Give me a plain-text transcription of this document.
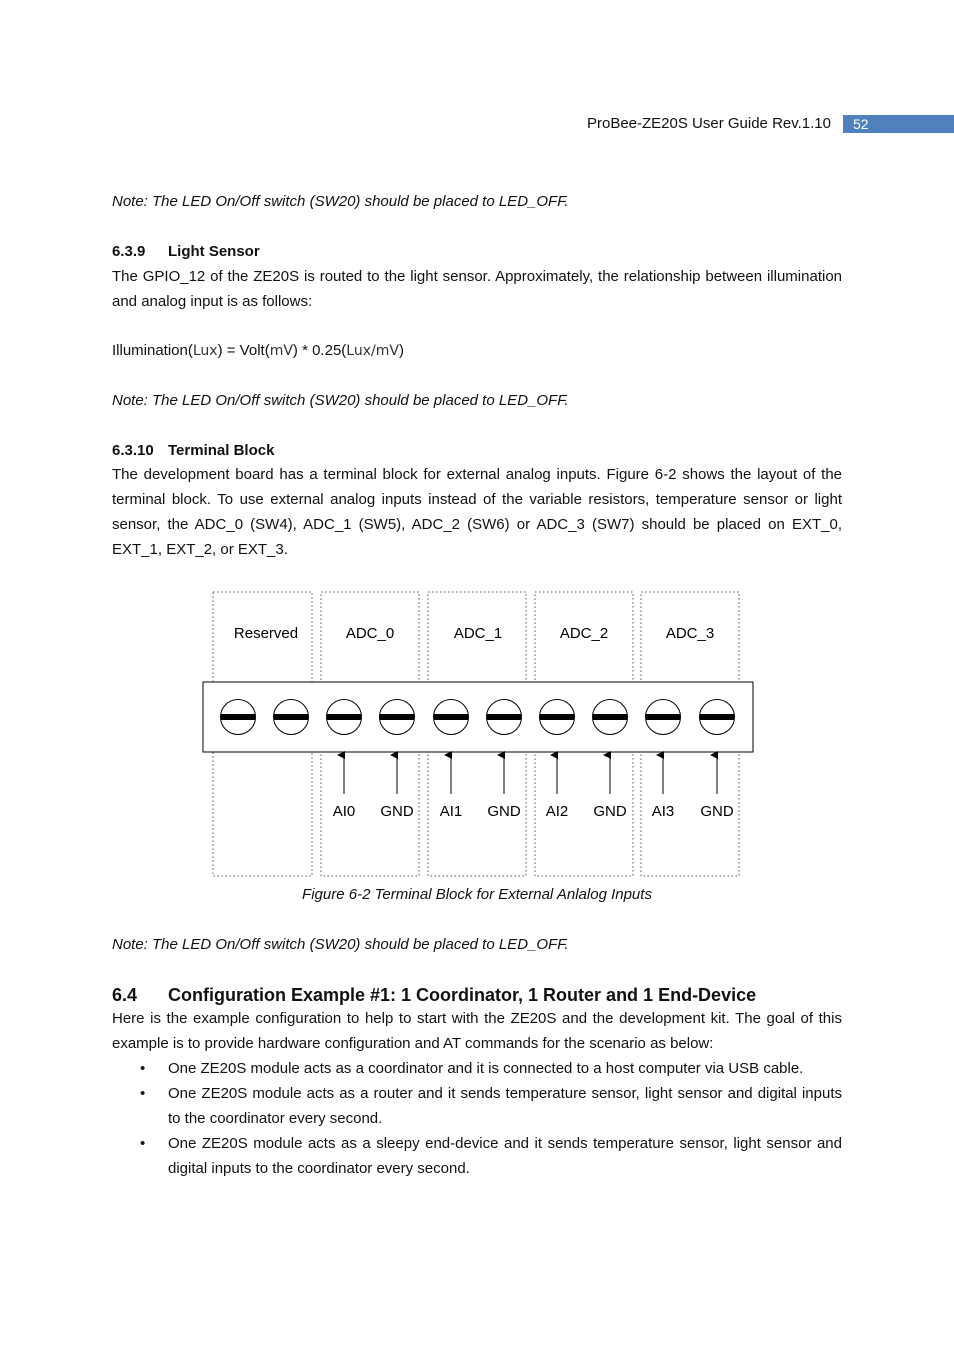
ProBee-ZE20S User Guide Rev.1.10 52
Note: The LED On/Off switch (SW20) should be placed to LED_OFF.
6.3.9 Light Sensor
The GPIO_12 of the ZE20S is routed to the light sensor. Approximately, the relationship between illumination and analog input is as follows:
Illumination(Lux) = Volt(mV) * 0.25(Lux/mV)
Note: The LED On/Off switch (SW20) should be placed to LED_OFF.
6.3.10 Terminal Block
The development board has a terminal block for external analog inputs. Figure 6-2 shows the layout of the terminal block. To use external analog inputs instead of the variable resistors, temperature sensor or light sensor, the ADC_0 (SW4), ADC_1 (SW5), ADC_2 (SW6) or ADC_3 (SW7) should be placed on EXT_0, EXT_1, EXT_2, or EXT_3.
Reserved	ADC_0	ADC_1	ADC_2	ADC_3
AI0 GND AI1 GND AI2 GND AI3 GND
Figure 6-2 Terminal Block for External Anlalog Inputs
Note: The LED On/Off switch (SW20) should be placed to LED_OFF.
6.4 Configuration Example #1: 1 Coordinator, 1 Router and 1 End-Device
Here is the example configuration to help to start with the ZE20S and the development kit. The goal of this example is to provide hardware configuration and AT commands for the scenario as below:
• One ZE20S module acts as a coordinator and it is connected to a host computer via USB cable.
• One ZE20S module acts as a router and it sends temperature sensor, light sensor and digital inputs to the coordinator every second.
• One ZE20S module acts as a sleepy end-device and it sends temperature sensor, light sensor and digital inputs to the coordinator every second.
